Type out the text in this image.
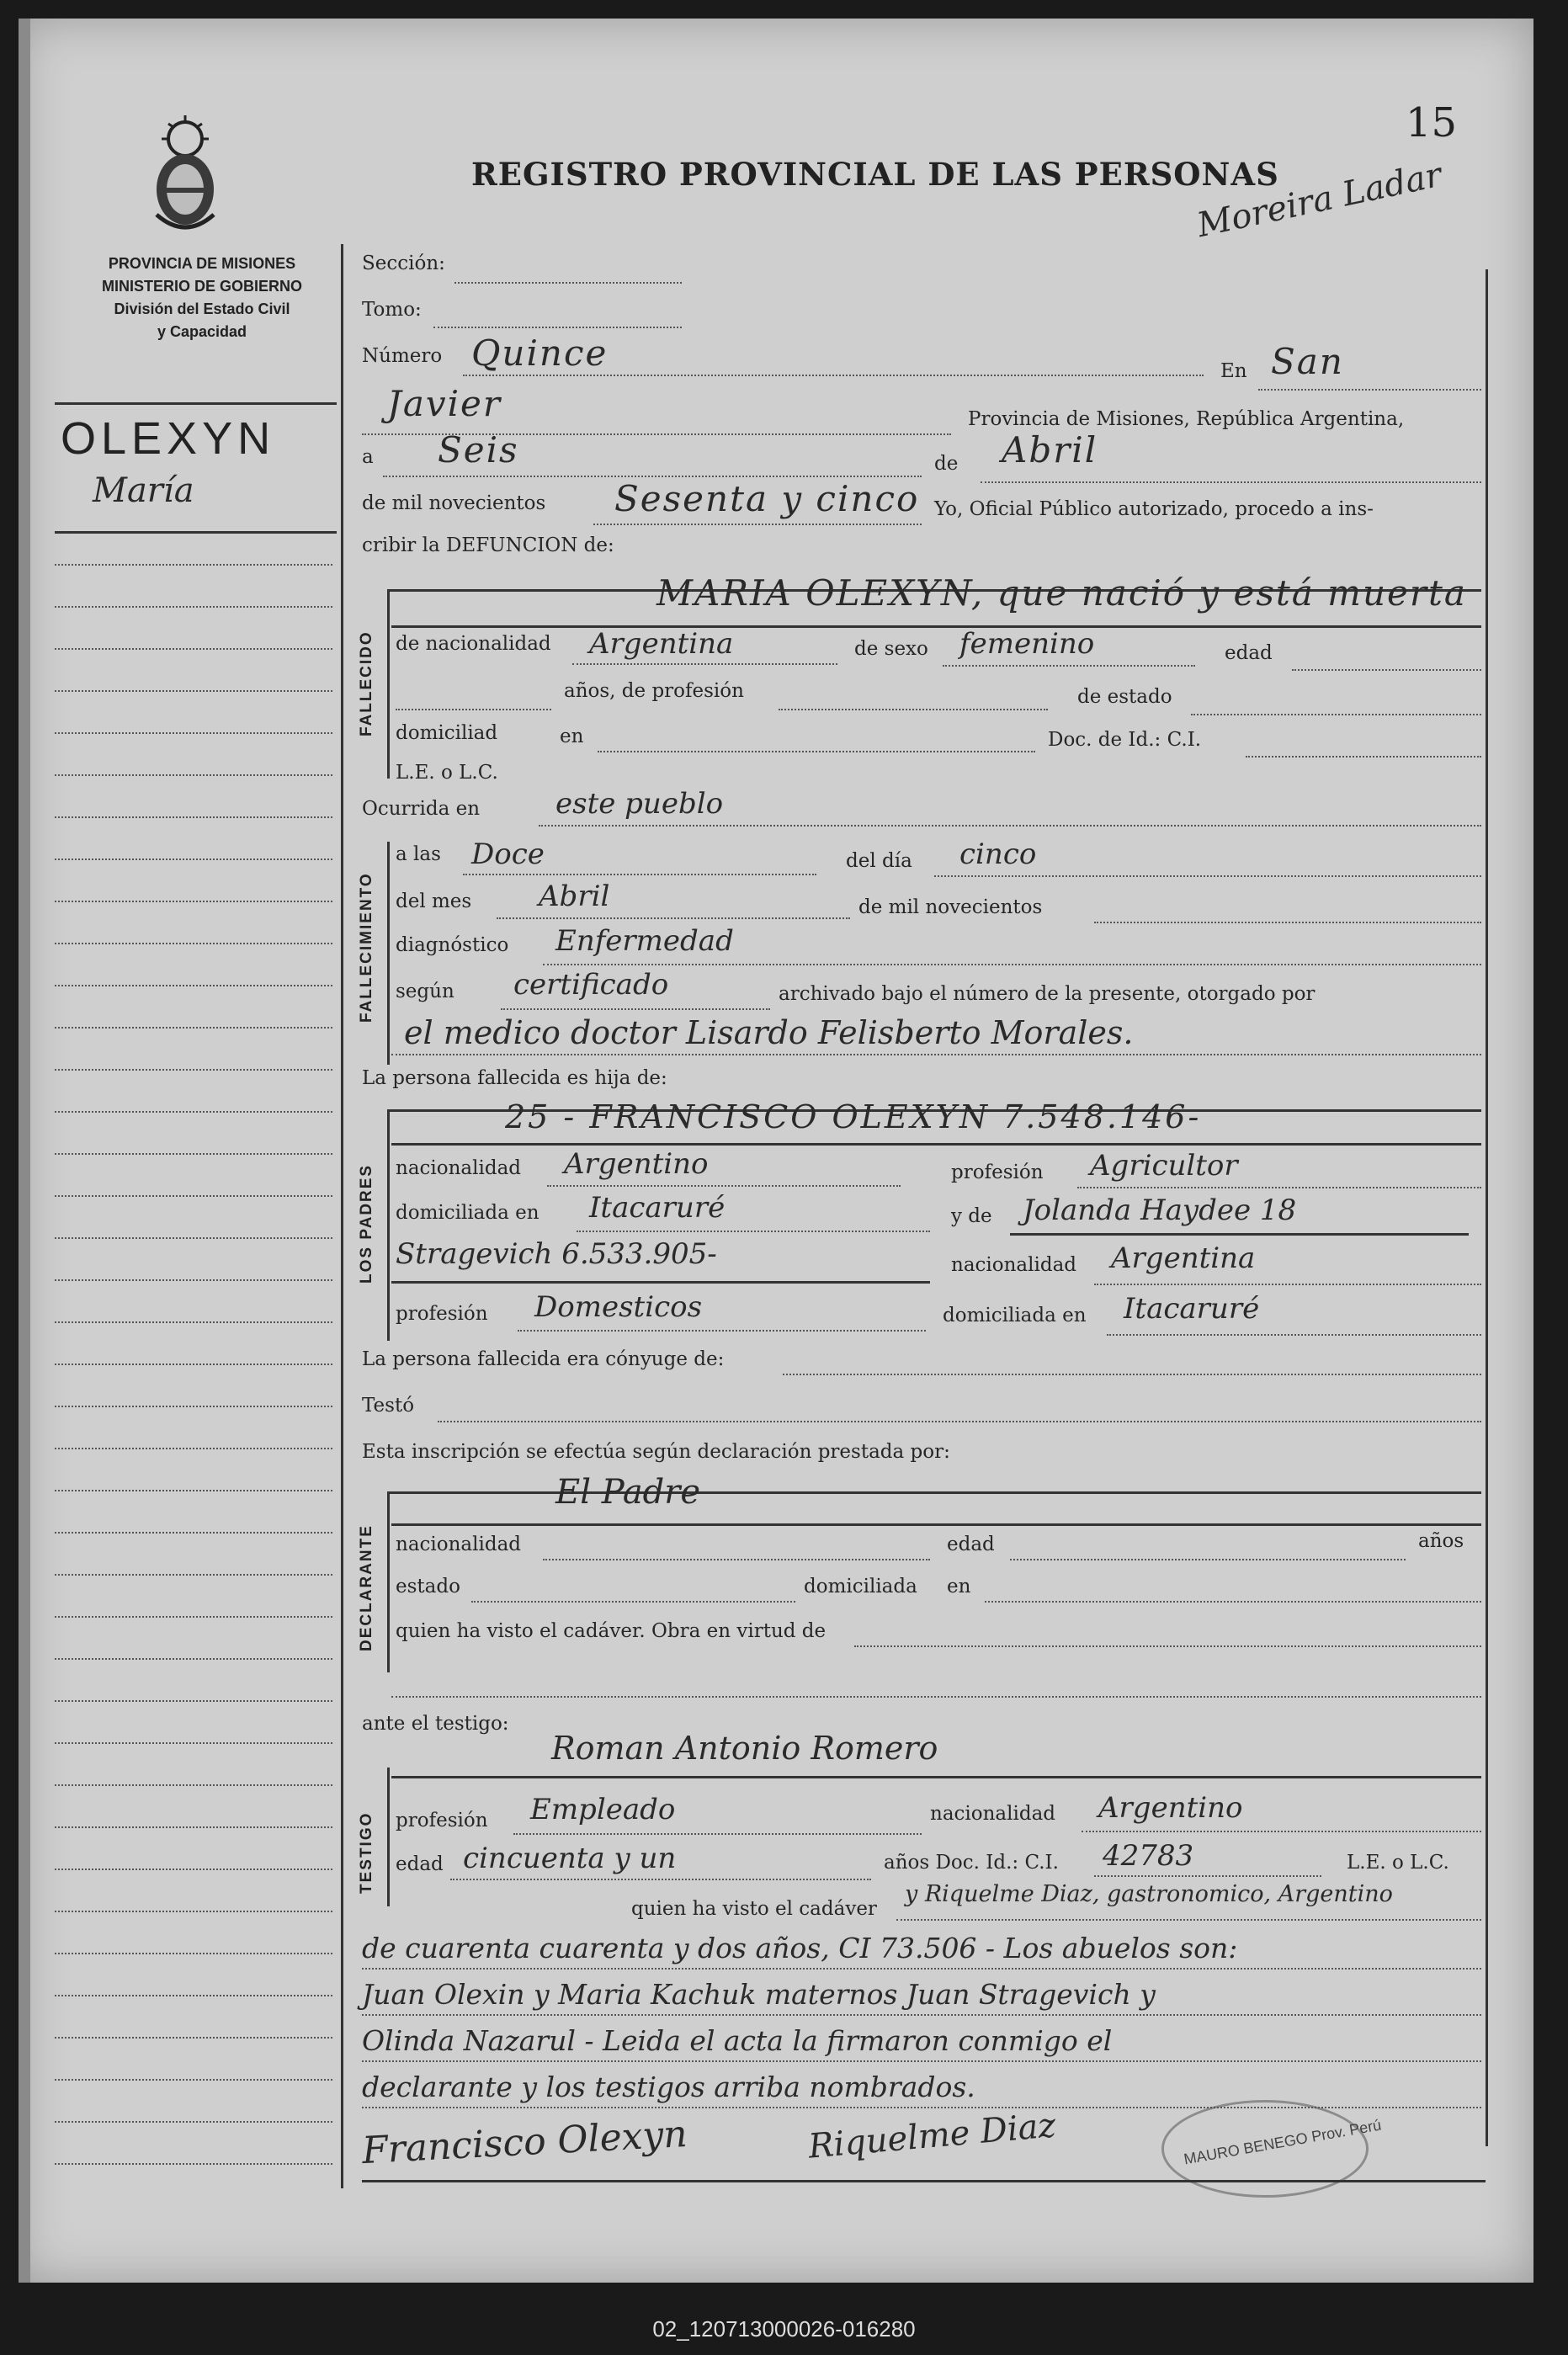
15
REGISTRO PROVINCIAL DE LAS PERSONAS
Moreira Ladar
PROVINCIA DE MISIONES
MINISTERIO DE GOBIERNO
División del Estado Civil
y Capacidad
OLEXYN
María
Sección:
Tomo:
Número Quince	En San
Javier	Provincia de Misiones, República Argentina,
a Seis	de Abril
de mil novecientos Sesenta y cinco Yo, Oficial Público autorizado, procedo a ins-
cribir la DEFUNCION de:
FALLECIDO
MARIA OLEXYN, que nació y está muerta
de nacionalidad Argentina	de sexo femenino	edad
años, de profesión	de estado
domiciliad	en	Doc. de Id.: C.I.
L.E. o L.C.
Ocurrida en	este pueblo
FALLECIMIENTO
a las Doce	del día cinco
del mes Abril	de mil novecientos
diagnóstico Enfermedad
según certificado	archivado bajo el número de la presente, otorgado por
el medico doctor Lisardo Felisberto Morales.
La persona fallecida es hija de:
LOS PADRES
25 - FRANCISCO OLEXYN 7.548.146-
nacionalidad Argentino	profesión Agricultor
domiciliada en Itacaruré	y de Jolanda Haydee 18
Stragevich 6.533.905-	nacionalidad Argentina
profesión Domesticos	domiciliada en Itacaruré
La persona fallecida era cónyuge de:
Testó
Esta inscripción se efectúa según declaración prestada por:
DECLARANTE
El Padre
nacionalidad	edad	años
estado	domiciliada en
quien ha visto el cadáver. Obra en virtud de
ante el testigo:
TESTIGO
Roman Antonio Romero
profesión Empleado	nacionalidad Argentino
edad cincuenta y un	años Doc. Id.: C.I. 42783	L.E. o L.C.
quien ha visto el cadáver
y Riquelme Diaz, gastronomico, Argentino
de cuarenta cuarenta y dos años, CI 73.506 - Los abuelos son:
Juan Olexin y Maria Kachuk maternos Juan Stragevich y
Olinda Nazarul - Leida el acta la firmaron conmigo el
declarante y los testigos arriba nombrados.
Francisco Olexyn	Riquelme Diaz	MAURO BENEGO Prov. Perú
02_120713000026-016280
